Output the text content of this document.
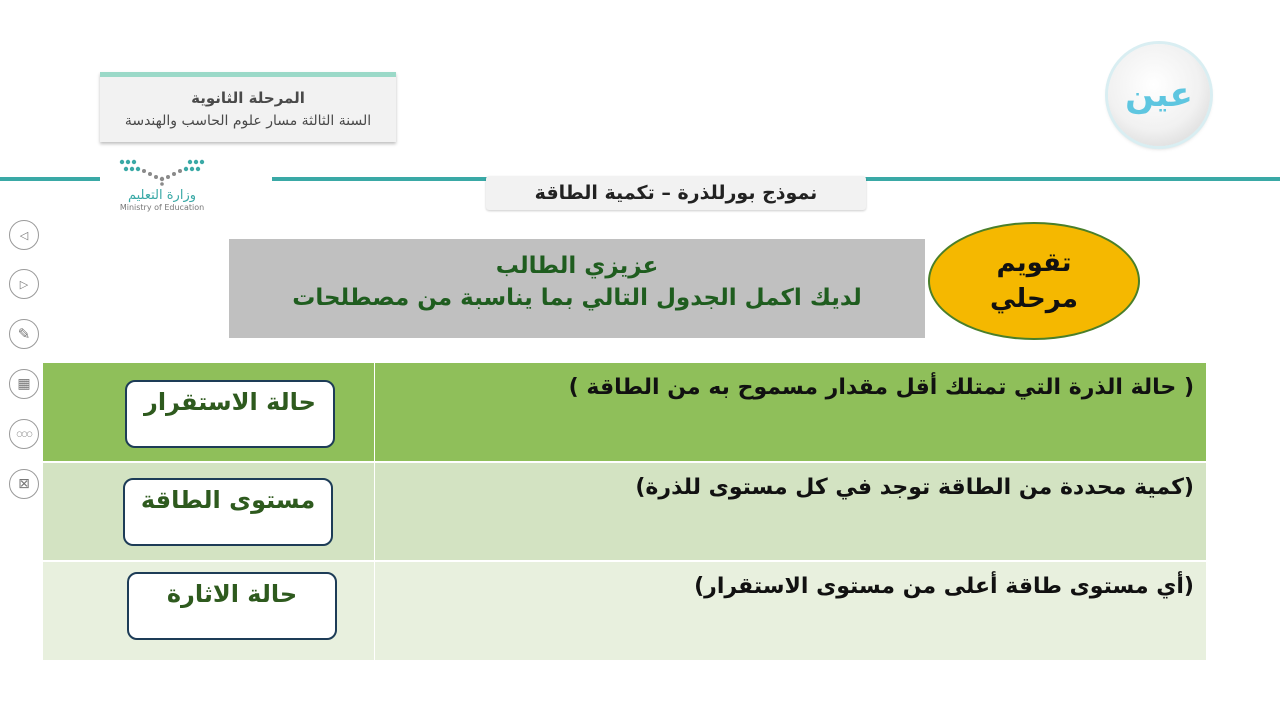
المرحلة الثانوية
السنة الثالثة مسار علوم الحاسب والهندسة
وزارة التعليم
Ministry of Education
عين
نموذج بورللذرة – تكمية الطاقة
◁
▷
✎
▦
○○○
⊠
عزيزي الطالب
لديك اكمل الجدول التالي بما يناسبة من مصطلحات
تقويم
مرحلي
حالة الاستقرار
( حالة الذرة التي تمتلك أقل مقدار مسموح به من الطاقة )
مستوى الطاقة	(كمية محددة من الطاقة توجد في كل مستوى للذرة)
حالة الاثارة	(أي مستوى طاقة أعلى من مستوى الاستقرار)
